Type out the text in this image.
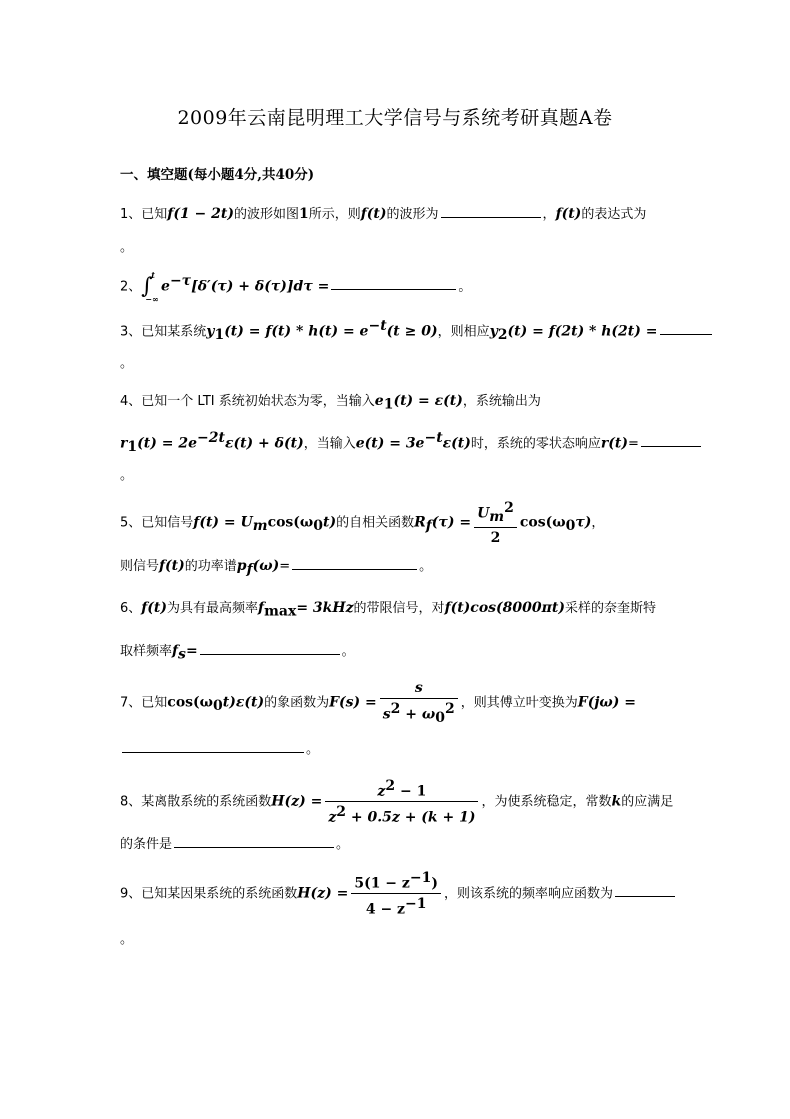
2009年云南昆明理工大学信号与系统考研真题A卷
一、填空题(每小题4分,共40分)
1、已知f(1 − 2t)的波形如图1所示，则f(t)的波形为	，f(t)的表达式为
。
2、∫
t
−∞
$e^{-\tau}[\delta'(\tau) + \delta(\tau)]d\tau$ =	。
3、已知某系统$y_1(t) = f(t) * h(t) = e^{-t}(t \ge 0)$，则相应$y_2(t) = f(2t) * h(2t)$ =
。
4、已知一个 LTI 系统初始状态为零，当输入$e_1(t) = \varepsilon(t)$，系统输出为
$r_1(t) = 2e^{-2t}\varepsilon(t) + \delta(t)$，当输入$e(t) = 3e^{-t}\varepsilon(t)$时，系统的零状态响应r(t)=
。
5、已知信号$f(t) = U_m\cos(\omega_0t)$的自相关函数$R_f(\tau) = \frac{U_m^2}{2} \cos(\omega_0\tau)$，
则信号f(t)的功率谱$p_f(\omega)=$	。
6、f(t)为具有最高频率$f_{max}= 3kHz$的带限信号，对f(t)cos(8000πt)采样的奈奎斯特
取样频率$f_s=$	。
7、已知$\cos(\omega_0t)\varepsilon(t)$的象函数为$F(s) = \frac{s}{s^2 + \omega_0^2}$ ，则其傅立叶变换为F(jω) =
。
8、某离散系统的系统函数$H(z) = \frac{z^2 - 1}{z^2 + 0.5z + (k + 1)}$ ，为使系统稳定，常数k的应满足
的条件是	。
9、已知某因果系统的系统函数$H(z) = \frac{5(1 - z^{-1})}{4 - z^{-1}}$ ，则该系统的频率响应函数为
。
